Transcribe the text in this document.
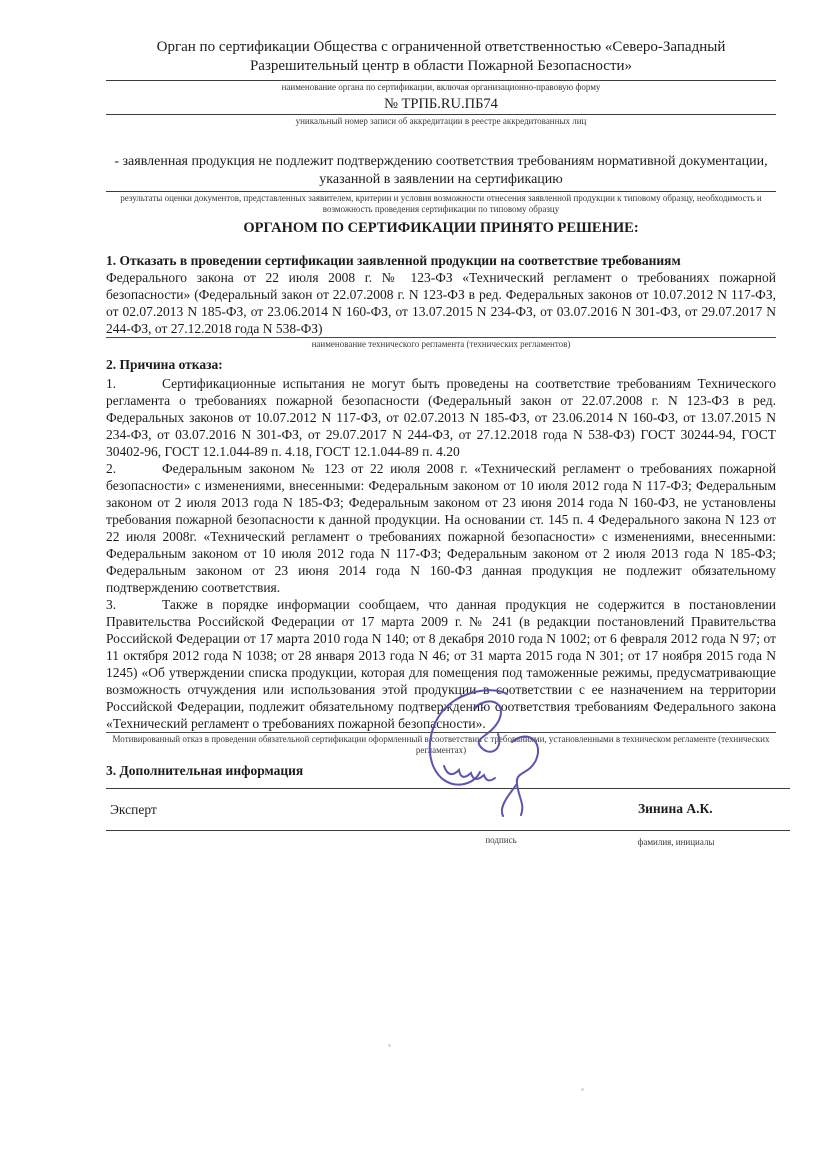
Орган по сертификации Общества с ограниченной ответственностью «Северо-Западный Разрешительный центр в области Пожарной Безопасности»

наименование органа по сертификации, включая организационно-правовую форму

№ ТРПБ.RU.ПБ74

уникальный номер записи об аккредитации в реестре аккредитованных лиц

- заявленная продукция не подлежит подтверждению соответствия требованиям нормативной документации, указанной в заявлении на сертификацию

результаты оценки документов, представленных заявителем, критерии и условия возможности отнесения заявленной продукции к типовому образцу, необходимость и возможность проведения сертификации по типовому образцу

ОРГАНОМ ПО СЕРТИФИКАЦИИ ПРИНЯТО РЕШЕНИЕ:

1. Отказать в проведении сертификации заявленной продукции на соответствие требованиям

Федерального закона от 22 июля 2008 г. № 123-ФЗ «Технический регламент о требованиях пожарной безопасности» (Федеральный закон от 22.07.2008 г. N 123-ФЗ в ред. Федеральных законов от 10.07.2012 N 117-ФЗ, от 02.07.2013 N 185-ФЗ, от 23.06.2014 N 160-ФЗ, от 13.07.2015 N 234-ФЗ, от 03.07.2016 N 301-ФЗ, от 29.07.2017 N 244-ФЗ, от 27.12.2018 года N 538-ФЗ)

наименование технического регламента (технических регламентов)

2. Причина отказа:

1.	Сертификационные испытания не могут быть проведены на соответствие требованиям Технического регламента о требованиях пожарной безопасности (Федеральный закон от 22.07.2008 г. N 123-ФЗ в ред. Федеральных законов от 10.07.2012 N 117-ФЗ, от 02.07.2013 N 185-ФЗ, от 23.06.2014 N 160-ФЗ, от 13.07.2015 N 234-ФЗ, от 03.07.2016 N 301-ФЗ, от 29.07.2017 N 244-ФЗ, от 27.12.2018 года N 538-ФЗ) ГОСТ 30244-94, ГОСТ 30402-96, ГОСТ 12.1.044-89 п. 4.18, ГОСТ 12.1.044-89 п. 4.20

2.	Федеральным законом № 123 от 22 июля 2008 г. «Технический регламент о требованиях пожарной безопасности» с изменениями, внесенными: Федеральным законом от 10 июля 2012 года N 117-ФЗ; Федеральным законом от 2 июля 2013 года N 185-ФЗ; Федеральным законом от 23 июня 2014 года N 160-ФЗ, не установлены требования пожарной безопасности к данной продукции. На основании ст. 145 п. 4 Федерального закона N 123 от 22 июля 2008г. «Технический регламент о требованиях пожарной безопасности» с изменениями, внесенными: Федеральным законом от 10 июля 2012 года N 117-ФЗ; Федеральным законом от 2 июля 2013 года N 185-ФЗ; Федеральным законом от 23 июня 2014 года N 160-ФЗ данная продукция не подлежит обязательному подтверждению соответствия.

3.	Также в порядке информации сообщаем, что данная продукция не содержится в постановлении Правительства Российской Федерации от 17 марта 2009 г. № 241 (в редакции постановлений Правительства Российской Федерации от 17 марта 2010 года N 140; от 8 декабря 2010 года N 1002; от 6 февраля 2012 года N 97; от 11 октября 2012 года N 1038; от 28 января 2013 года N 46; от 31 марта 2015 года N 301; от 17 ноября 2015 года N 1245) «Об утверждении списка продукции, которая для помещения под таможенные режимы, предусматривающие возможность отчуждения или использования этой продукции в соответствии с ее назначением на территории Российской Федерации, подлежит обязательному подтверждению соответствия требованиям Федерального закона «Технический регламент о требованиях пожарной безопасности».

Мотивированный отказ в проведении обязательной сертификации оформленный в соответствии с требованиями, установленными в техническом регламенте (технических регламентах)

3. Дополнительная информация

Эксперт	Зинина А.К.
подпись	фамилия, инициалы
